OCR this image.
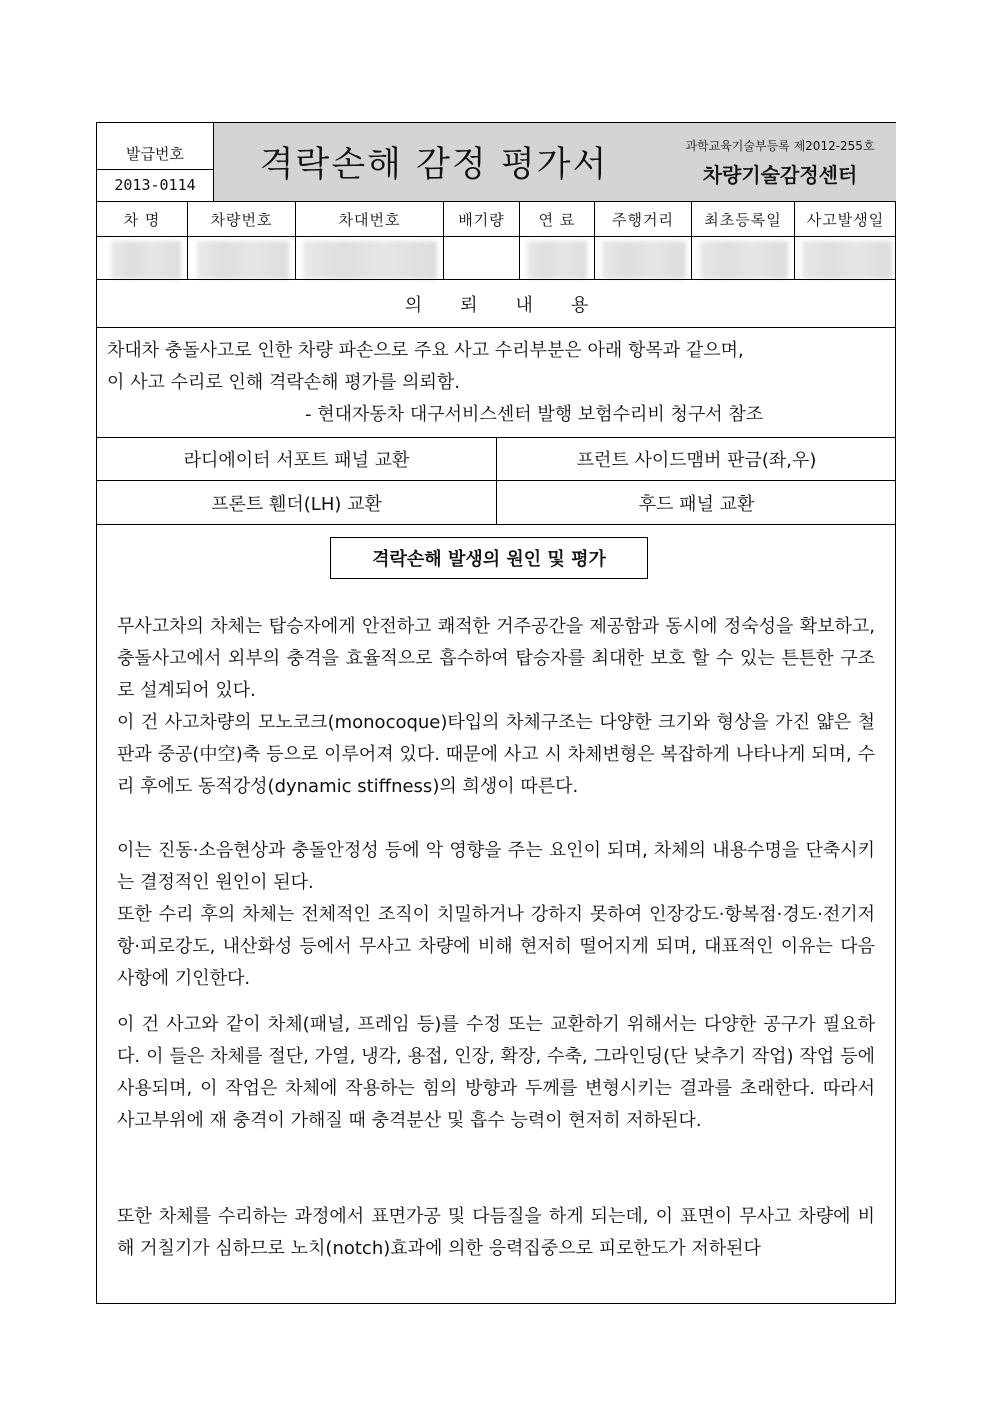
발급번호
2013-0114	격락손해 감정 평가서	과학교육기술부등록 제2012-255호
차량기술감정센터
차 명	차량번호	차대번호	배기량	연 료	주행거리	최초등록일	사고발생일
의뢰내용
차대차 충돌사고로 인한 차량 파손으로 주요 사고 수리부분은 아래 항목과 같으며,
이 사고 수리로 인해 격락손해 평가를 의뢰함.
- 현대자동차 대구서비스센터 발행 보험수리비 청구서 참조
라디에이터 서포트 패널 교환	프런트 사이드맴버 판금(좌,우)
프론트 휀더(LH) 교환	후드 패널 교환
격락손해 발생의 원인 및 평가
무사고차의 차체는 탑승자에게 안전하고 쾌적한 거주공간을 제공함과 동시에 정숙성을 확보하고, 충돌사고에서 외부의 충격을 효율적으로 흡수하여 탑승자를 최대한 보호 할 수 있는 튼튼한 구조로 설계되어 있다.
이 건 사고차량의 모노코크(monocoque)타입의 차체구조는 다양한 크기와 형상을 가진 얇은 철판과 중공(中空)축 등으로 이루어져 있다. 때문에 사고 시 차체변형은 복잡하게 나타나게 되며, 수리 후에도 동적강성(dynamic stiffness)의 희생이 따른다.
이는 진동·소음현상과 충돌안정성 등에 악 영향을 주는 요인이 되며, 차체의 내용수명을 단축시키는 결정적인 원인이 된다.
또한 수리 후의 차체는 전체적인 조직이 치밀하거나 강하지 못하여 인장강도·항복점·경도·전기저항·피로강도, 내산화성 등에서 무사고 차량에 비해 현저히 떨어지게 되며, 대표적인 이유는 다음 사항에 기인한다.
이 건 사고와 같이 차체(패널, 프레임 등)를 수정 또는 교환하기 위해서는 다양한 공구가 필요하다. 이 들은 차체를 절단, 가열, 냉각, 용접, 인장, 확장, 수축, 그라인딩(단 낮추기 작업) 작업 등에 사용되며, 이 작업은 차체에 작용하는 힘의 방향과 두께를 변형시키는 결과를 초래한다. 따라서 사고부위에 재 충격이 가해질 때 충격분산 및 흡수 능력이 현저히 저하된다.
또한 차체를 수리하는 과정에서 표면가공 및 다듬질을 하게 되는데, 이 표면이 무사고 차량에 비해 거칠기가 심하므로 노치(notch)효과에 의한 응력집중으로 피로한도가 저하된다
